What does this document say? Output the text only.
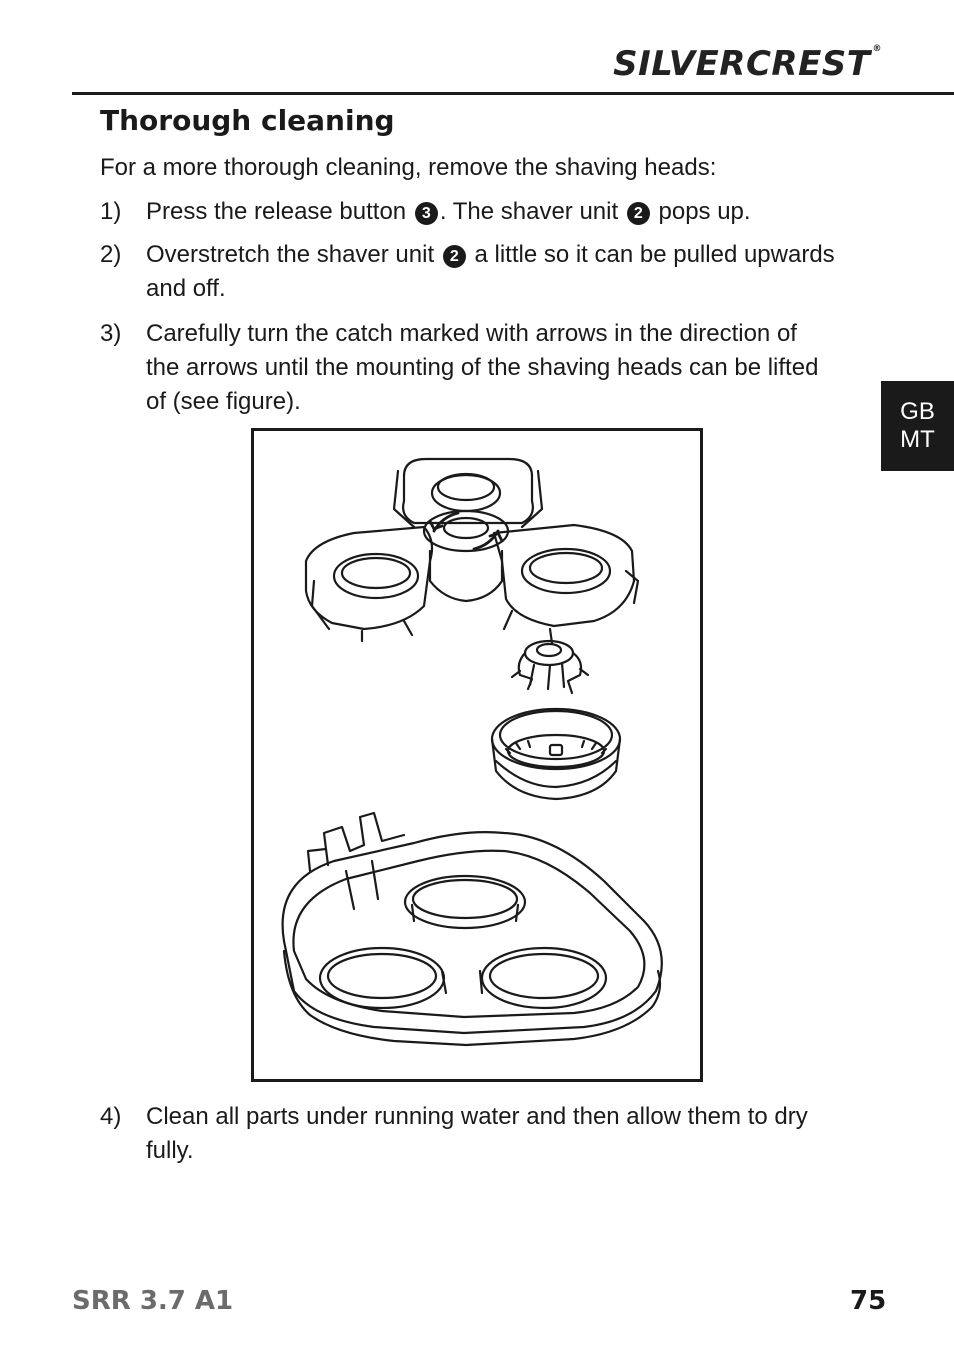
SILVERCREST ®
GB
MT
Thorough cleaning
For a more thorough cleaning, remove the shaving heads:
1) Press the release button 3 . The shaver unit 2 pops up.
2) Overstretch the shaver unit 2 a little so it can be pulled upwards
and off.
3) Carefully turn the catch marked with arrows in the direction of
the arrows until the mounting of the shaving heads can be lifted
of (see figure).
4) Clean all parts under running water and then allow them to dry
fully.
SRR 3.7 A1	75
